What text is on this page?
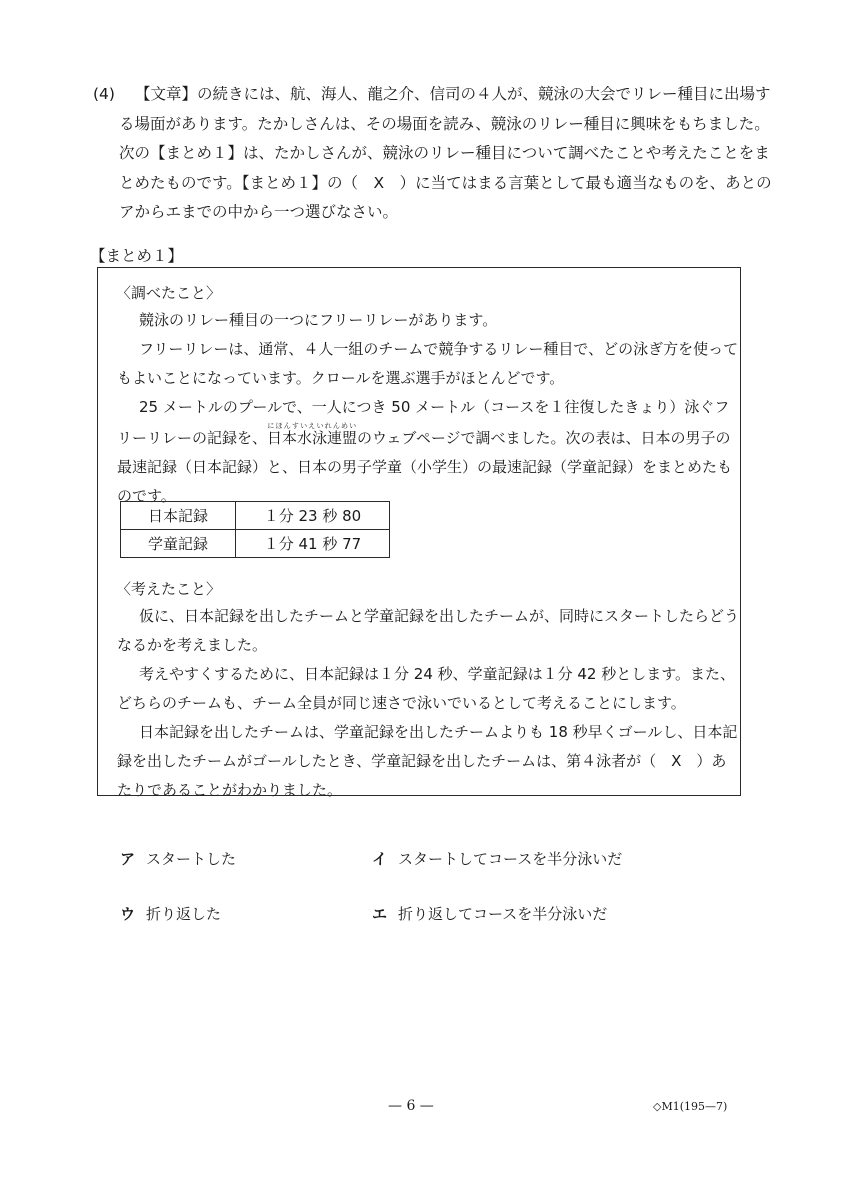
(4)	【文章】の続きには、航、海人、龍之介、信司の４人が、競泳の大会でリレー種目に出場す
る場面があります。たかしさんは、その場面を読み、競泳のリレー種目に興味をもちました。
次の【まとめ１】は、たかしさんが、競泳のリレー種目について調べたことや考えたことをま
とめたものです。【まとめ１】の（　X　）に当てはまる言葉として最も適当なものを、あとの
アからエまでの中から一つ選びなさい。
【まとめ１】
〈調べたこと〉
競泳のリレー種目の一つにフリーリレーがあります。
フリーリレーは、通常、４人一組のチームで競争するリレー種目で、どの泳ぎ方を使って
もよいことになっています。クロールを選ぶ選手がほとんどです。
25 メートルのプールで、一人につき 50 メートル（コースを１往復したきょり）泳ぐフ
リーリレーの記録を、日本水泳連盟にほんすいえいれんめいのウェブページで調べました。次の表は、日本の男子の
最速記録（日本記録）と、日本の男子学童（小学生）の最速記録（学童記録）をまとめたも
のです。
日本記録	１分 23 秒 80
学童記録	１分 41 秒 77
〈考えたこと〉
仮に、日本記録を出したチームと学童記録を出したチームが、同時にスタートしたらどう
なるかを考えました。
考えやすくするために、日本記録は１分 24 秒、学童記録は１分 42 秒とします。また、
どちらのチームも、チーム全員が同じ速さで泳いでいるとして考えることにします。
日本記録を出したチームは、学童記録を出したチームよりも 18 秒早くゴールし、日本記
録を出したチームがゴールしたとき、学童記録を出したチームは、第４泳者が（　X　）あ
たりであることがわかりました。
ア スタートした	イ スタートしてコースを半分泳いだ
ウ 折り返した	エ 折り返してコースを半分泳いだ
— 6 —	◇M1(195—7)
